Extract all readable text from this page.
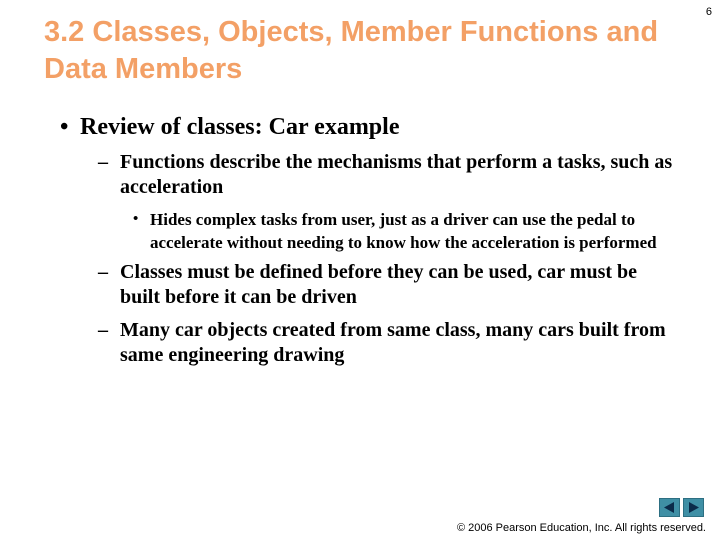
6
3.2 Classes, Objects, Member Functions and Data Members
• Review of classes: Car example
– Functions describe the mechanisms that perform a tasks, such as acceleration
• Hides complex tasks from user, just as a driver can use the pedal to accelerate without needing to know how the acceleration is performed
– Classes must be defined before they can be used, car must be built before it can be driven
– Many car objects created from same class, many cars built from same engineering drawing
© 2006 Pearson Education, Inc. All rights reserved.
